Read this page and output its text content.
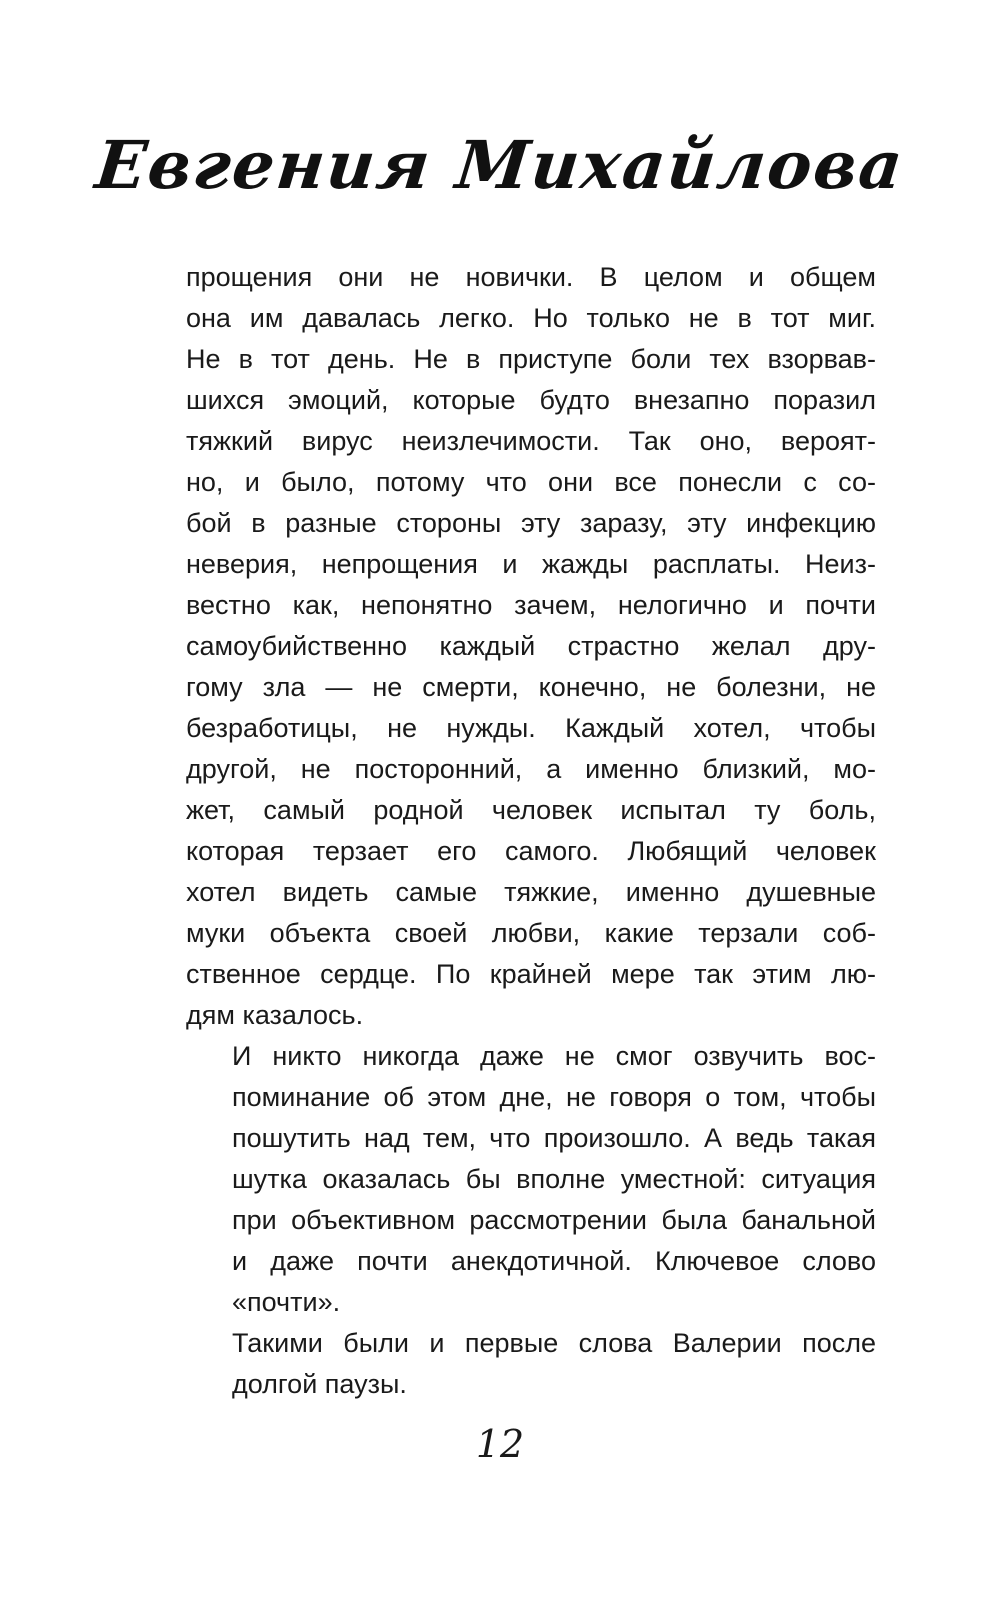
Евгения Михайлова

прощения они не новички. В целом и общем
она им давалась легко. Но только не в тот миг.
Не в тот день. Не в приступе боли тех взорвав-
шихся эмоций, которые будто внезапно поразил
тяжкий вирус неизлечимости. Так оно, вероят-
но, и было, потому что они все понесли с со-
бой в разные стороны эту заразу, эту инфекцию
неверия, непрощения и жажды расплаты. Неиз-
вестно как, непонятно зачем, нелогично и почти
самоубийственно каждый страстно желал дру-
гому зла — не смерти, конечно, не болезни, не
безработицы, не нужды. Каждый хотел, чтобы
другой, не посторонний, а именно близкий, мо-
жет, самый родной человек испытал ту боль,
которая терзает его самого. Любящий человек
хотел видеть самые тяжкие, именно душевные
муки объекта своей любви, какие терзали соб-
ственное сердце. По крайней мере так этим лю-
дям казалось.

И никто никогда даже не смог озвучить вос-
поминание об этом дне, не говоря о том, чтобы
пошутить над тем, что произошло. А ведь такая
шутка оказалась бы вполне уместной: ситуация
при объективном рассмотрении была банальной
и даже почти анекдотичной. Ключевое слово
«почти».

Такими были и первые слова Валерии после
долгой паузы.

12
